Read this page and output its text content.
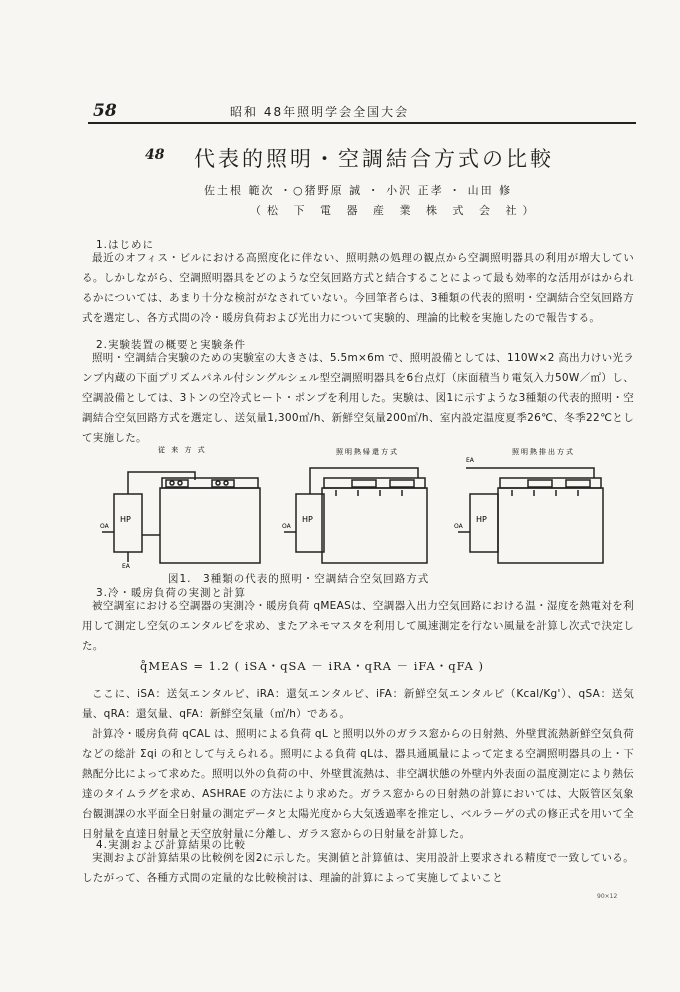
58	昭和 48年照明学会全国大会
48 代表的照明・空調結合方式の比較
佐土根 範次 ・○猪野原 誠 ・ 小沢 正孝 ・ 山田 修
（松 下 電 器 産 業 株 式 会 社）
1.はじめに

最近のオフィス・ビルにおける高照度化に伴ない、照明熱の処理の観点から空調照明器具の利用が増大している。しかしながら、空調照明器具をどのような空気回路方式と結合することによって最も効率的な活用がはかられるかについては、あまり十分な検討がなされていない。今回筆者らは、3種類の代表的照明・空調結合空気回路方式を選定し、各方式間の冷・暖房負荷および光出力について実験的、理論的比較を実施したので報告する。

2.実験装置の概要と実験条件

照明・空調結合実験のための実験室の大きさは、5.5m×6m で、照明設備としては、110W×2 高出力けい光ランプ内蔵の下面プリズムパネル付シングルシェル型空調照明器具を6台点灯（床面積当り電気入力50W／㎡）し、空調設備としては、3トンの空冷式ヒート・ポンプを利用した。実験は、図1に示すような3種類の代表的照明・空調結合空気回路方式を選定し、送気量1,300㎥/h、新鮮空気量200㎥/h、室内設定温度夏季26℃、冬季22℃として実施した。

従 来 方 式	照明熱帰還方式	照明熱排出方式
HP	HP	HP
OA	OA	OA
EA
EA
図1.　3種類の代表的照明・空調結合空気回路方式
3.冷・暖房負荷の実測と計算

被空調室における空調器の実測冷・暖房負荷 qMEASは、空調器入出力空気回路における温・湿度を熱電対を利用して測定し空気のエンタルピを求め、またアネモマスタを利用して風速測定を行ない風量を計算し次式で決定した。

q̊MEAS = 1.2 ( iSA・qSA － iRA・qRA － iFA・qFA )

ここに、iSA：送気エンタルピ、iRA：還気エンタルピ、iFA：新鮮空気エンタルピ（Kcal/Kg'）、qSA：送気量、qRA：還気量、qFA：新鮮空気量（㎥/h）である。

計算冷・暖房負荷 qCAL は、照明による負荷 qL と照明以外のガラス窓からの日射熱、外壁貫流熱新鮮空気負荷などの総計 Σqi の和として与えられる。照明による負荷 qLは、器具通風量によって定まる空調照明器具の上・下熱配分比によって求めた。照明以外の負荷の中、外壁貫流熱は、非空調状態の外壁内外表面の温度測定により熱伝達のタイムラグを求め、ASHRAE の方法により求めた。ガラス窓からの日射熱の計算においては、大阪管区気象台観測課の水平面全日射量の測定データと太陽光度から大気透過率を推定し、ベルラーゲの式の修正式を用いて全日射量を直達日射量と天空放射量に分離し、ガラス窓からの日射量を計算した。

4.実測および計算結果の比較

実測および計算結果の比較例を図2に示した。実測値と計算値は、実用設計上要求される精度で一致している。したがって、各種方式間の定量的な比較検討は、理論的計算によって実施してよいこと

90×12
